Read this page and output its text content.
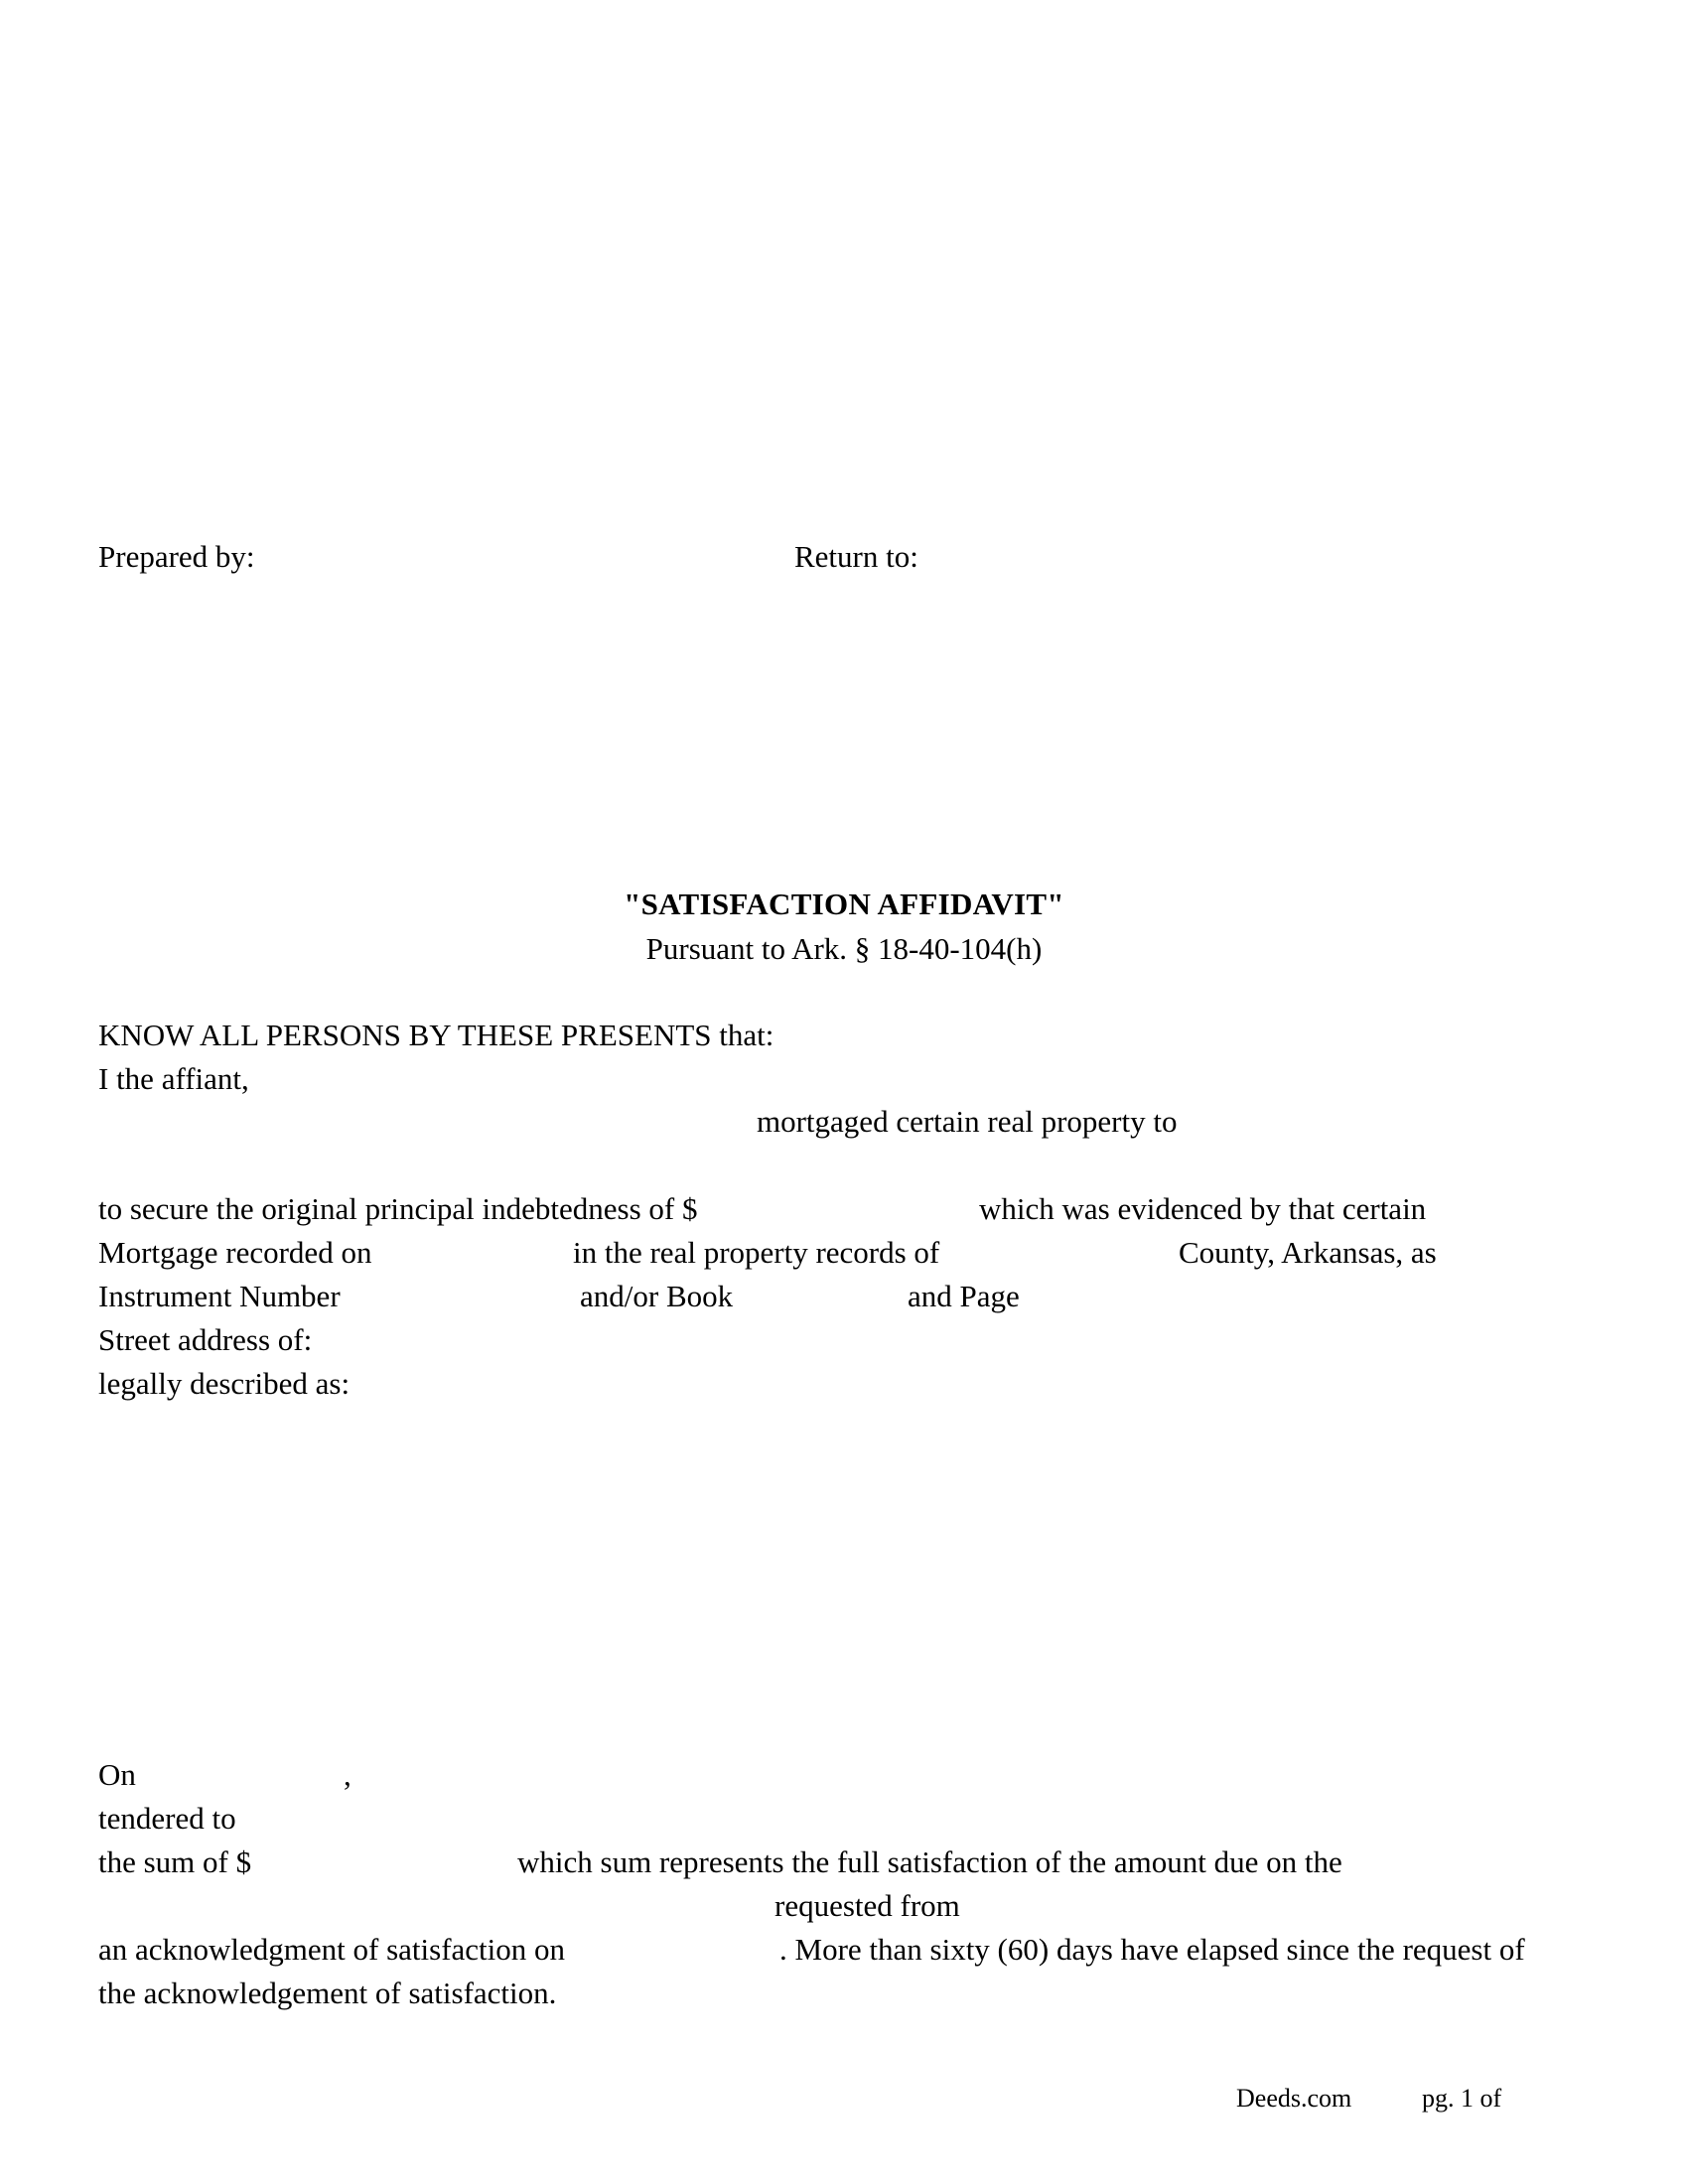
Prepared by:	Return to:
"SATISFACTION AFFIDAVIT"
Pursuant to Ark. § 18-40-104(h)
KNOW ALL PERSONS BY THESE PRESENTS that:
I the affiant,
mortgaged certain real property to
to secure the original principal indebtedness of $	which was evidenced by that certain
Mortgage recorded on	in the real property records of	County, Arkansas, as
Instrument Number	and/or Book	and Page
Street address of:
legally described as:
On	,
tendered to
the sum of $	which sum represents the full satisfaction of the amount due on the
requested from
an acknowledgment of satisfaction on	. More than sixty (60) days have elapsed since the request of
the acknowledgement of satisfaction.
Deeds.com	pg. 1 of
